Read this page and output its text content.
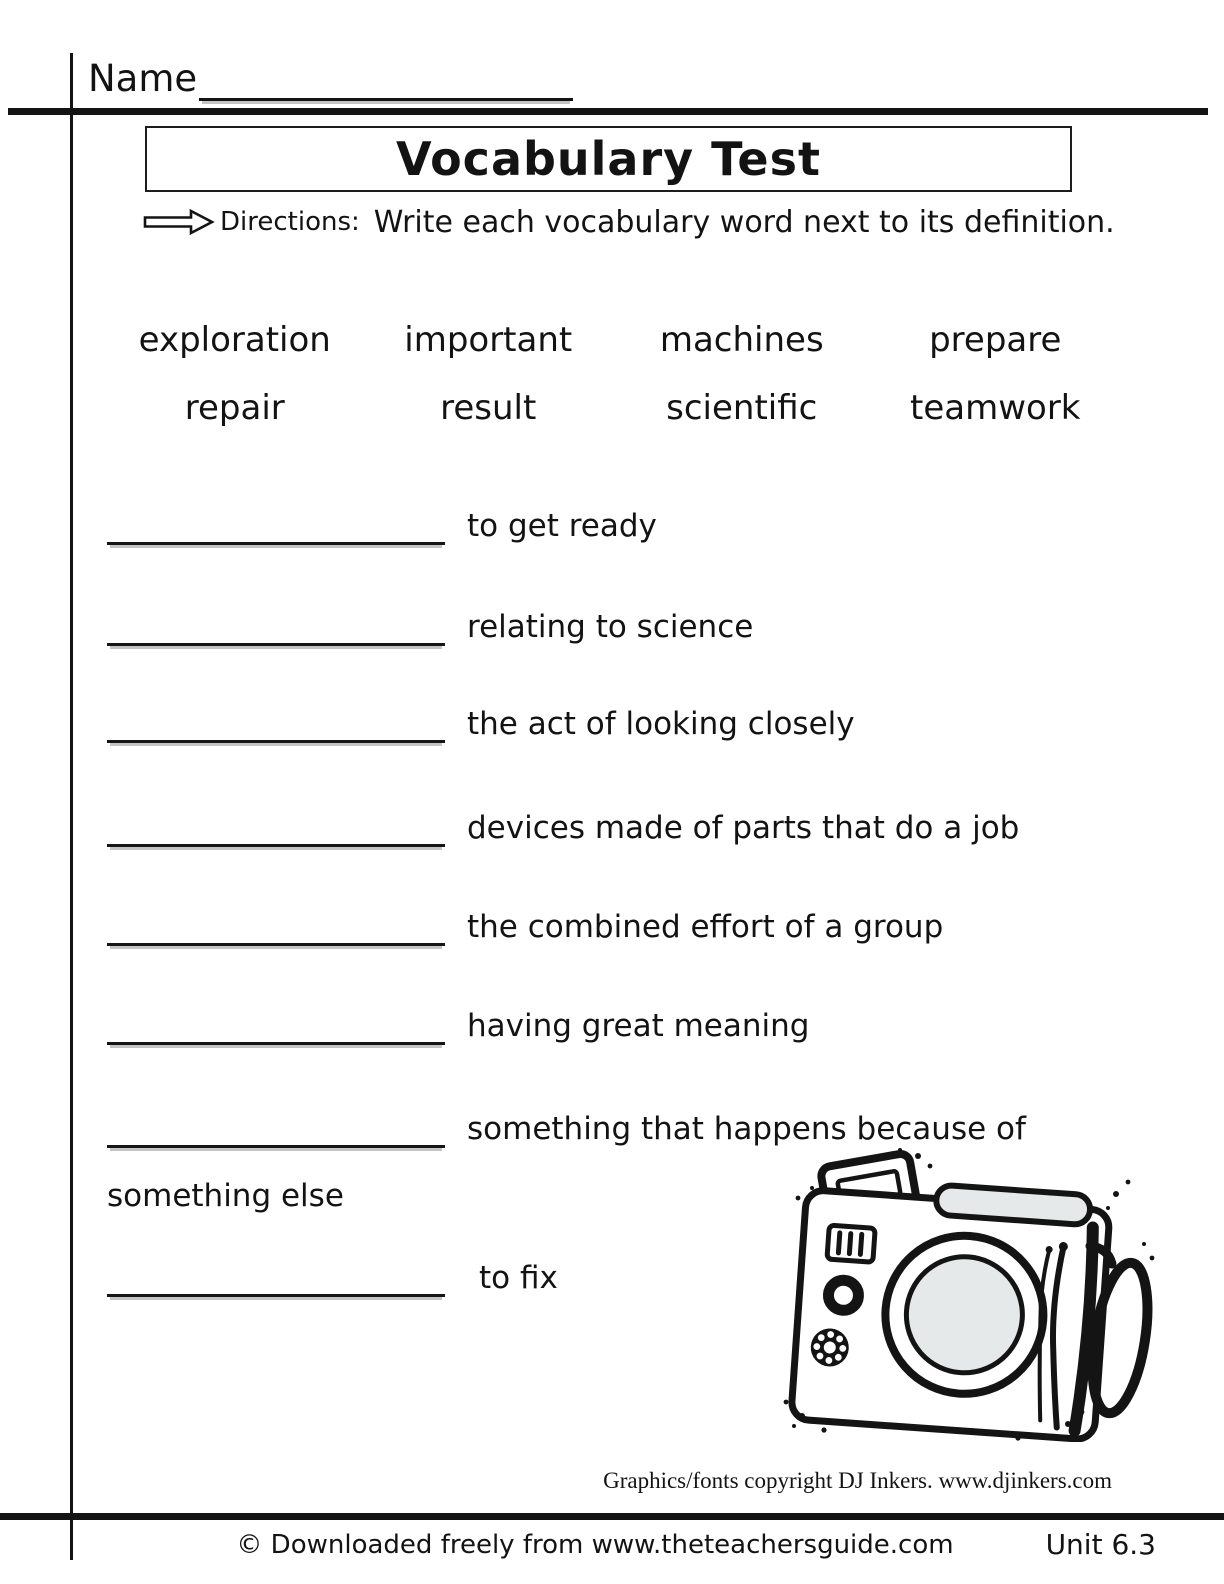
Name
Vocabulary Test
Directions: Write each vocabulary word next to its definition.
exploration	important	machines	prepare
repair	result	scientific	teamwork
to get ready
relating to science
the act of looking closely
devices made of parts that do a job
the combined effort of a group
having great meaning
something that happens because of
something else
to fix
Graphics/fonts copyright DJ Inkers. www.djinkers.com
© Downloaded freely from www.theteachersguide.com	Unit 6.3
